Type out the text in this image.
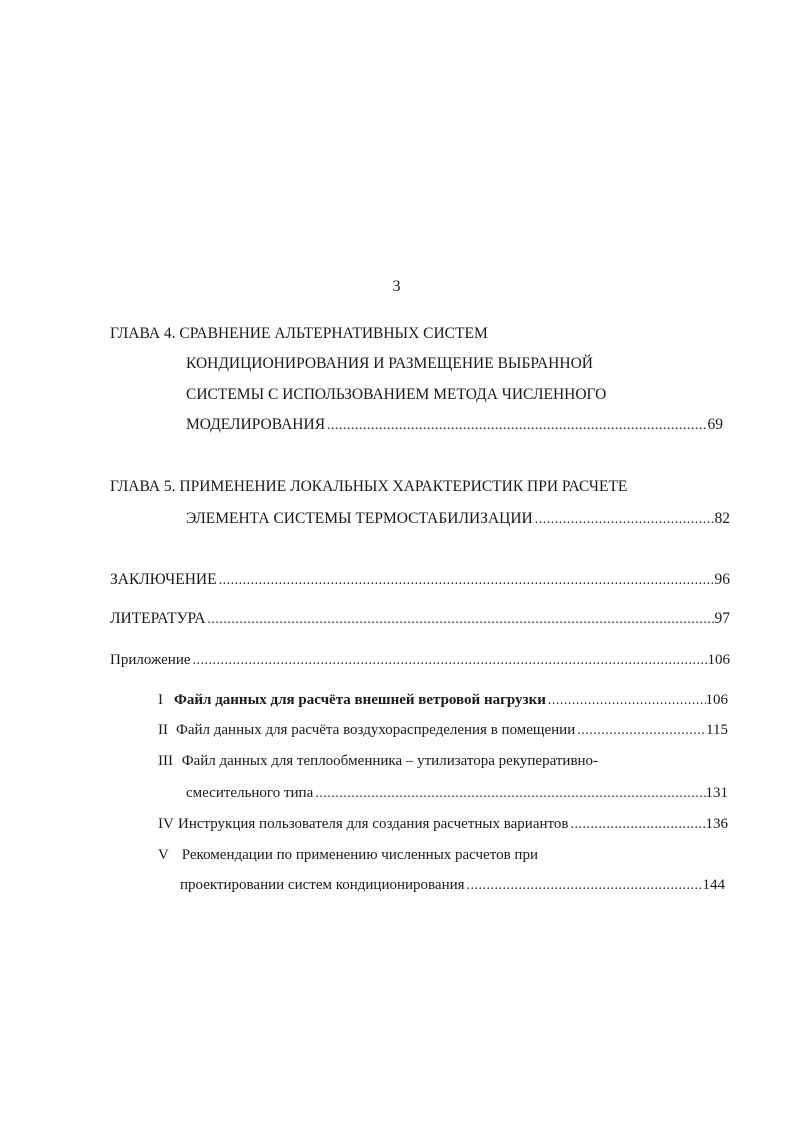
3
ГЛАВА 4. СРАВНЕНИЕ АЛЬТЕРНАТИВНЫХ СИСТЕМ
КОНДИЦИОНИРОВАНИЯ И РАЗМЕЩЕНИЕ ВЫБРАННОЙ
СИСТЕМЫ С ИСПОЛЬЗОВАНИЕМ МЕТОДА ЧИСЛЕННОГО
МОДЕЛИРОВАНИЯ .....	69
ГЛАВА 5. ПРИМЕНЕНИЕ ЛОКАЛЬНЫХ ХАРАКТЕРИСТИК ПРИ РАСЧЕТЕ
ЭЛЕМЕНТА СИСТЕМЫ ТЕРМОСТАБИЛИЗАЦИИ .....	82
ЗАКЛЮЧЕНИЕ .....	96
ЛИТЕРАТУРА .....	97
Приложение .....	106
I Файл данных для расчёта внешней ветровой нагрузки .....	106
II Файл данных для расчёта воздухораспределения в помещении .....	115
III Файл данных для теплообменника – утилизатора рекуперативно-
смесительного типа .....	131
IV Инструкция пользователя для создания расчетных вариантов .....	136
V Рекомендации по применению численных расчетов при
проектировании систем кондиционирования .....	144
